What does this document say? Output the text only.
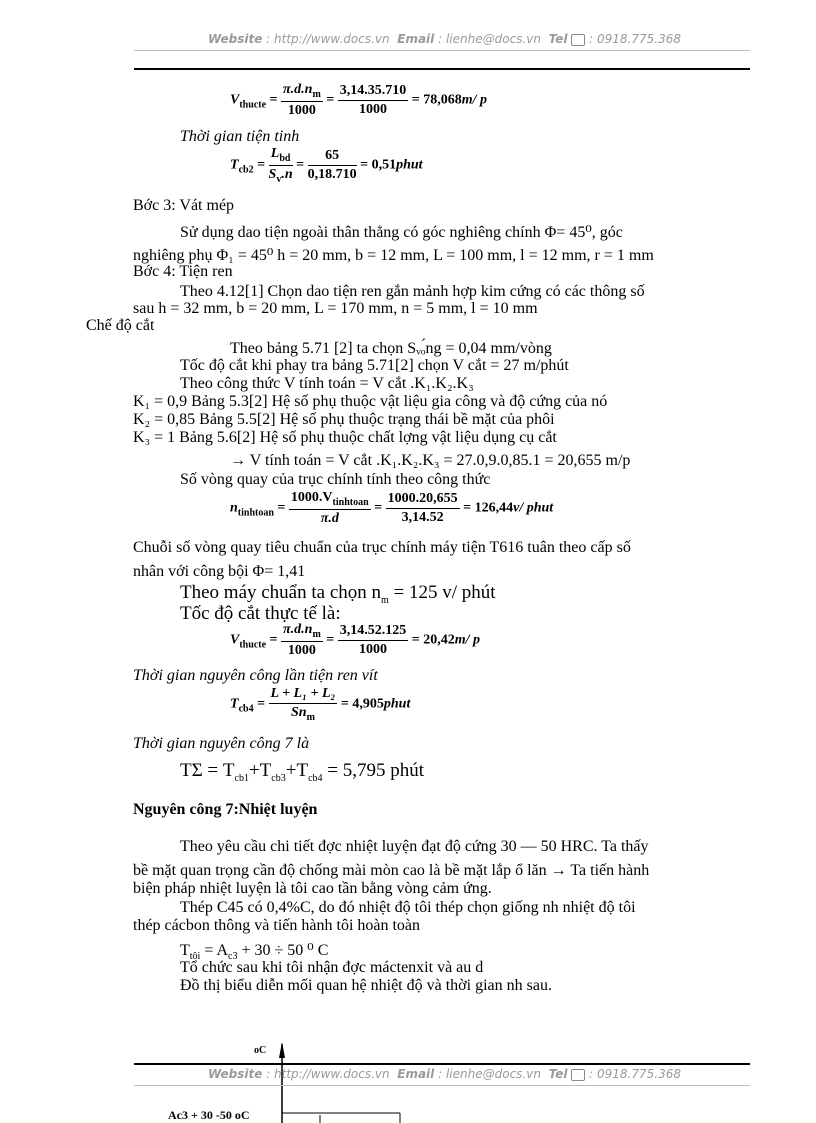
Website : http://www.docs.vn Email : lienhe@docs.vn Tel : 0918.775.368
$V_{thucte} = \frac{\pi.d.n_m}{1000} = \frac{3,14.35.710}{1000} = 78,068m/$ p
Thời gian tiện tinh
$T_{cb2} = \frac{L_{bd}}{S_v.n} = \frac{65}{0,18.710}$ = 0,51phut
Bớc 3: Vát mép
Sử dụng dao tiện ngoài thân thẳng có góc nghiêng chính Φ= 45⁰, góc
nghiêng phụ Φ₁ = 45⁰ h = 20 mm, b = 12 mm, L = 100 mm, l = 12 mm, r = 1 mm
Bớc 4: Tiện ren
Theo 4.12[1] Chọn dao tiện ren gắn mảnh hợp kim cứng có các thông số
sau h = 32 mm, b = 20 mm, L = 170 mm, n = 5 mm, l = 10 mm
Chế độ cắt
Theo bảng 5.71 [2] ta chọn Sᵥₒ́ng = 0,04 mm/vòng
Tốc độ cắt khi phay tra bảng 5.71[2] chọn V cắt = 27 m/phút
Theo công thức V tính toán = V cắt .K₁.K₂.K₃
K₁ = 0,9 Bảng 5.3[2] Hệ số phụ thuộc vật liệu gia công và độ cứng của nó
K₂ = 0,85 Bảng 5.5[2] Hệ số phụ thuộc trạng thái bề mặt của phôi
K₃ = 1 Bảng 5.6[2] Hệ số phụ thuộc chất lợng vật liệu dụng cụ cắt
→ V tính toán = V cắt .K₁.K₂.K₃ = 27.0,9.0,85.1 = 20,655 m/p
Số vòng quay của trục chính tính theo công thức
$n_{tinhtoan} = \frac{1000.V_{tinhtoan}}{\pi.d} = \frac{1000.20,655}{3,14.52} = 126,44v/$ phut
Chuỗi số vòng quay tiêu chuẩn của trục chính máy tiện T616 tuân theo cấp số
nhân với công bội Φ= 1,41
Theo máy chuẩn ta chọn $n_m = 125$ v/ phút
Tốc độ cắt thực tế là:
$V_{thucte} = \frac{\pi.d.n_m}{1000} = \frac{3,14.52.125}{1000} = 20,42m/$ p
Thời gian nguyên công lần tiện ren vít
$T_{cb4} = \frac{\text{L + L₁ + L₂}}{Sn_m}$ = 4,905phut
Thời gian nguyên công 7 là
$T\Sigma = T_{cb1}+T_{cb3}+T_{cb4} = 5,795$ phút
Nguyên công 7:Nhiệt luyện
Theo yêu cầu chi tiết đợc nhiệt luyện đạt độ cứng 30 — 50 HRC. Ta thấy
bề mặt quan trọng cần độ chống mài mòn cao là bề mặt lắp ổ lăn → Ta tiến hành
biện pháp nhiệt luyện là tôi cao tần bằng vòng cảm ứng.
Thép C45 có 0,4%C, do đó nhiệt độ tôi thép chọn giống nh nhiệt độ tôi
thép cácbon thông và tiến hành tôi hoàn toàn
$T_{tôi} = A_{c3} + 30 \div 50$ ⁰ C
Tổ chức sau khi tôi nhận đợc máctenxit và au d
Đồ thị biểu diễn mối quan hệ nhiệt độ và thời gian nh sau.
oC
Ac3 + 30 -50 oC
Website : http://www.docs.vn Email : lienhe@docs.vn Tel : 0918.775.368
